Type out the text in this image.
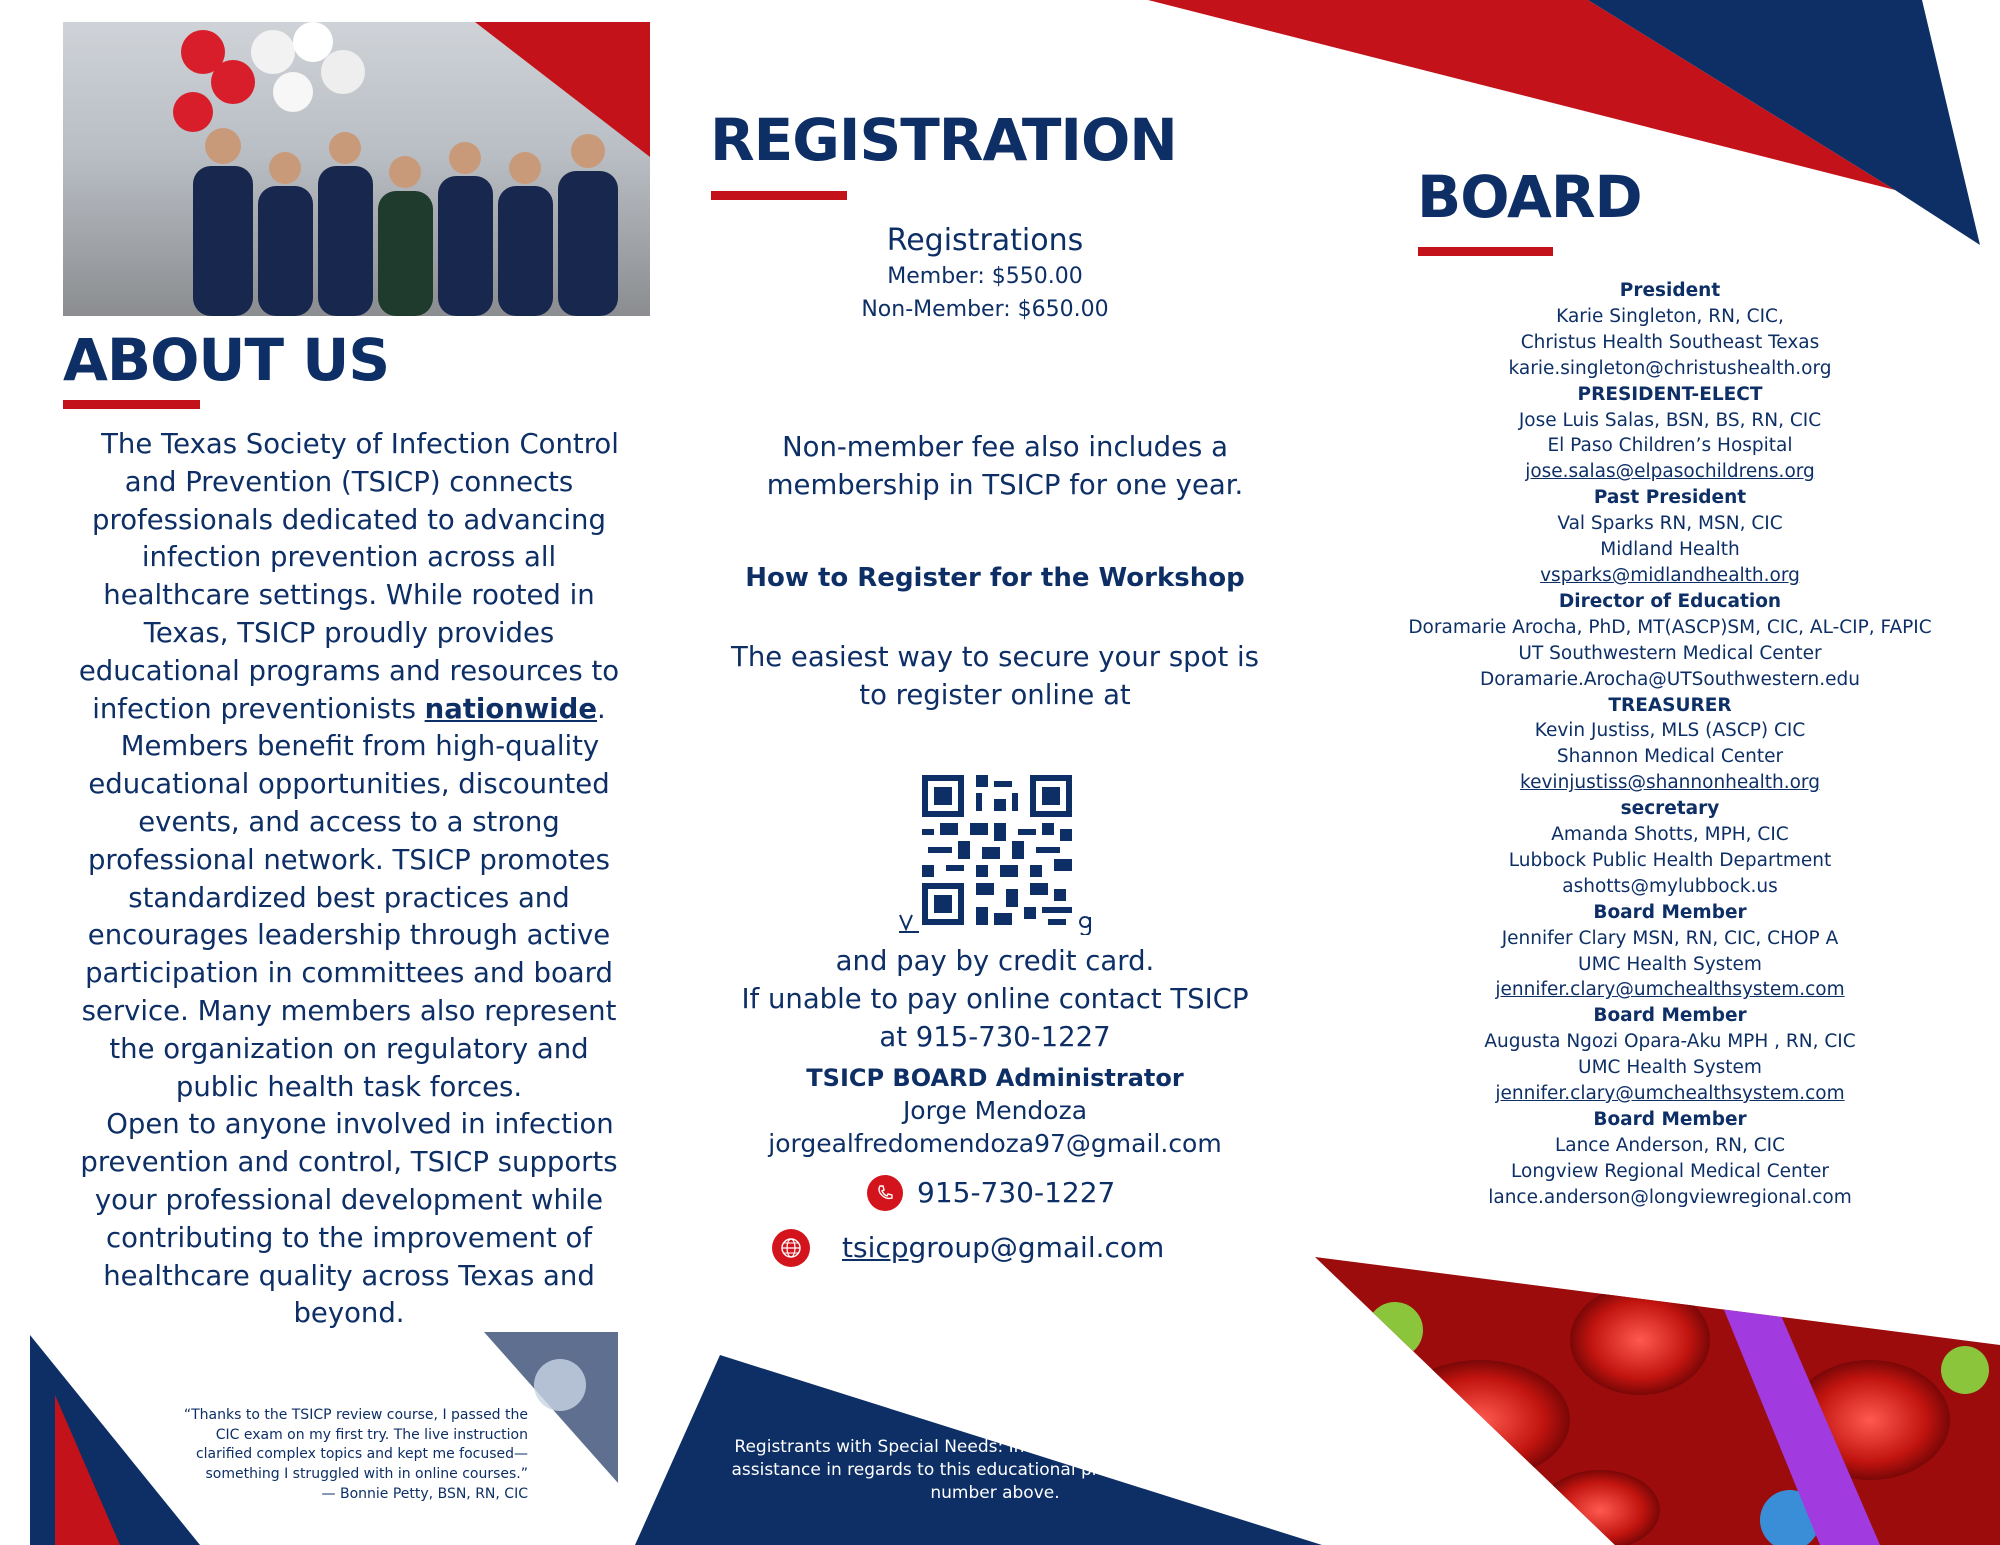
ABOUT US

The Texas Society of Infection Control and Prevention (TSICP) connects professionals dedicated to advancing infection prevention across all healthcare settings. While rooted in Texas, TSICP proudly provides educational programs and resources to infection preventionists nationwide.

Members benefit from high-quality educational opportunities, discounted events, and access to a strong professional network. TSICP promotes standardized best practices and encourages leadership through active participation in committees and board service. Many members also represent the organization on regulatory and public health task forces.

Open to anyone involved in infection prevention and control, TSICP supports your professional development while contributing to the improvement of healthcare quality across Texas and beyond.

“Thanks to the TSICP review course, I passed the CIC exam on my first try. The live instruction clarified complex topics and kept me focused—something I struggled with in online courses.”
— Bonnie Petty, BSN, RN, CIC
REGISTRATION
Registrations
Member: $550.00
Non-Member: $650.00
Non-member fee also includes a membership in TSICP for one year.
How to Register for the Workshop
The easiest way to secure your spot is to register online at
and pay by credit card.
If unable to pay online contact TSICP at 915-730-1227
TSICP BOARD Administrator
Jorge Mendoza
jorgealfredomendoza97@gmail.com
915-730-1227
tsicpgroup@gmail.com
Registrants with Special Needs: Individuals in need of special assistance in regards to this educational program need to call number above.
BOARD
President
Karie Singleton, RN, CIC,
Christus Health Southeast Texas
karie.singleton@christushealth.org
PRESIDENT-ELECT
Jose Luis Salas, BSN, BS, RN, CIC
El Paso Children’s Hospital
jose.salas@elpasochildrens.org
Past President
Val Sparks RN, MSN, CIC
Midland Health
vsparks@midlandhealth.org
Director of Education
Doramarie Arocha, PhD, MT(ASCP)SM, CIC, AL-CIP, FAPIC
UT Southwestern Medical Center
Doramarie.Arocha@UTSouthwestern.edu
TREASURER
Kevin Justiss, MLS (ASCP) CIC
Shannon Medical Center
kevinjustiss@shannonhealth.org
secretary
Amanda Shotts, MPH, CIC
Lubbock Public Health Department
ashotts@mylubbock.us
Board Member
Jennifer Clary MSN, RN, CIC, CHOP A
UMC Health System
jennifer.clary@umchealthsystem.com
Board Member
Augusta Ngozi Opara-Aku MPH , RN, CIC
UMC Health System
jennifer.clary@umchealthsystem.com
Board Member
Lance Anderson, RN, CIC
Longview Regional Medical Center
lance.anderson@longviewregional.com
